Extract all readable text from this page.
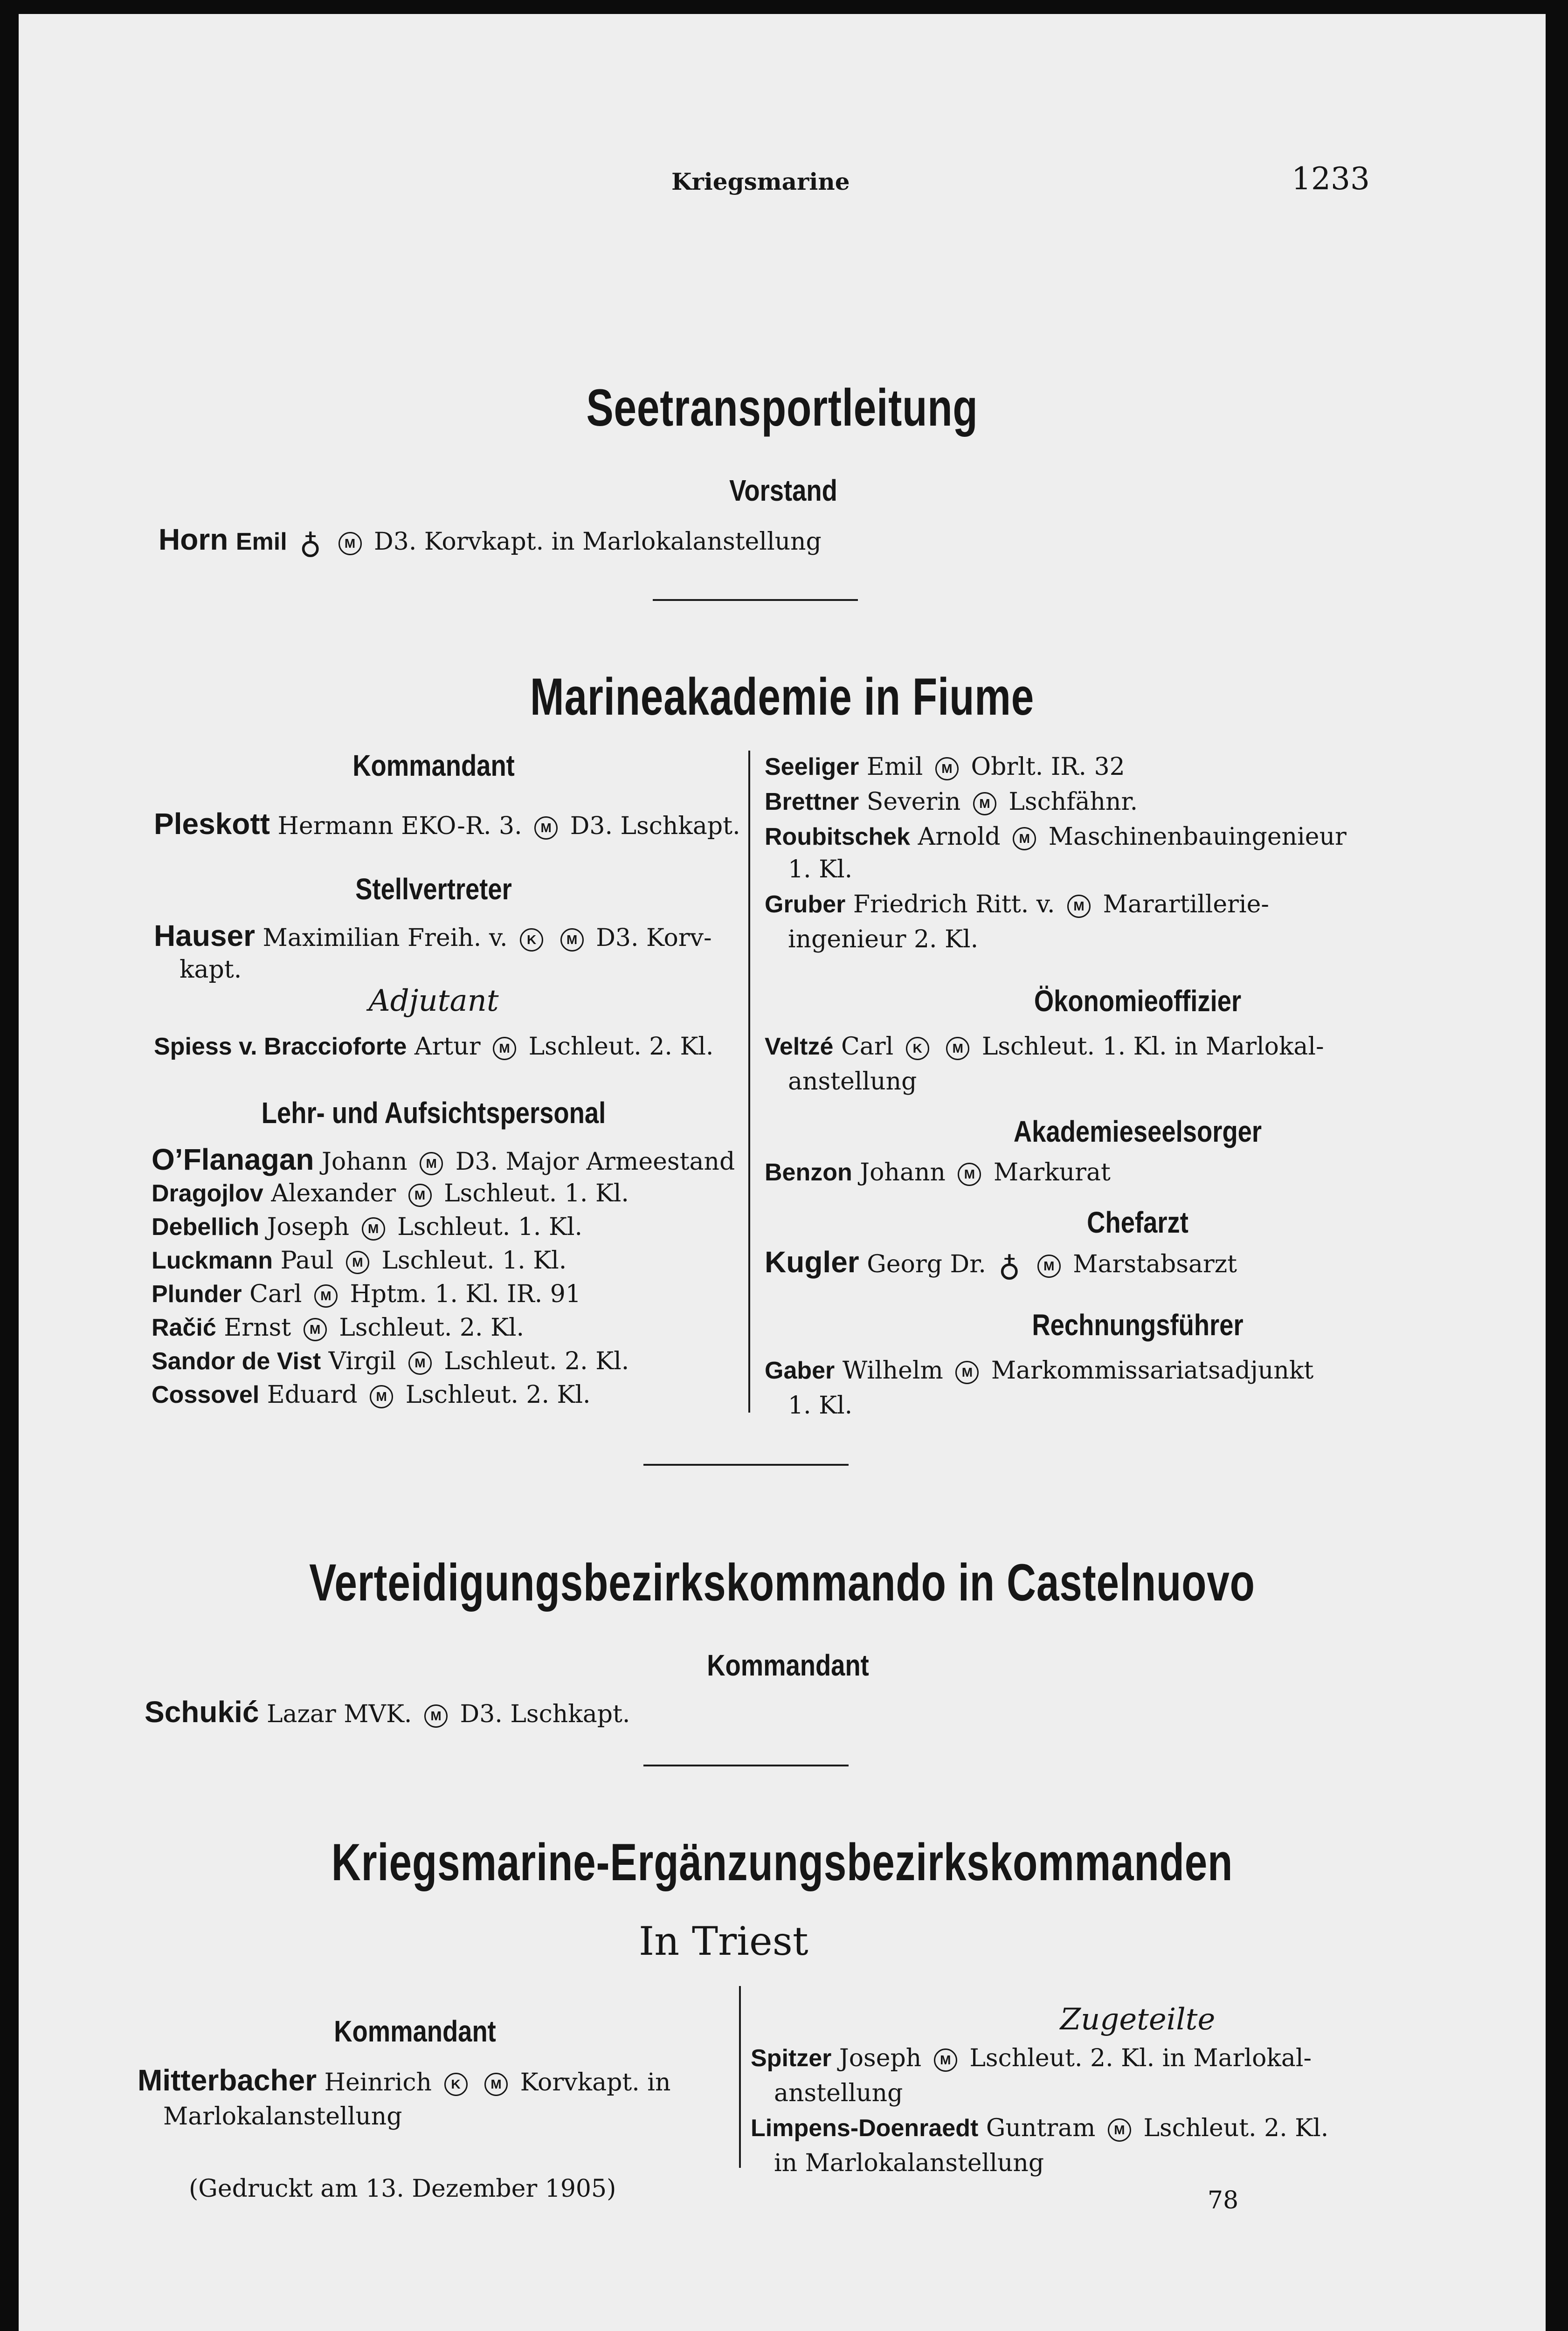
Kriegsmarine	1233
Seetransportleitung
Vorstand
Horn Emil ♁ M D3. Korvkapt. in Marlokalanstellung
Marineakademie in Fiume
Kommandant
Pleskott Hermann EKO-R. 3. M D3. Lschkapt.
Stellvertreter
Hauser Maximilian Freih. v. K M D3. Korv-
kapt.
Adjutant
Spiess v. Braccioforte Artur M Lschleut. 2. Kl.
Lehr- und Aufsichtspersonal
O’Flanagan Johann M D3. Major Armeestand
Dragojlov Alexander M Lschleut. 1. Kl.
Debellich Joseph M Lschleut. 1. Kl.
Luckmann Paul M Lschleut. 1. Kl.
Plunder Carl M Hptm. 1. Kl. IR. 91
Račić Ernst M Lschleut. 2. Kl.
Sandor de Vist Virgil M Lschleut. 2. Kl.
Cossovel Eduard M Lschleut. 2. Kl.
Seeliger Emil M Obrlt. IR. 32
Brettner Severin M Lschfähnr.
Roubitschek Arnold M Maschinenbauingenieur
1. Kl.
Gruber Friedrich Ritt. v. M Marartillerie-
ingenieur 2. Kl.
Ökonomieoffizier
Veltzé Carl K M Lschleut. 1. Kl. in Marlokal-
anstellung
Akademieseelsorger
Benzon Johann M Markurat
Chefarzt
Kugler Georg Dr. ♁ M Marstabsarzt
Rechnungsführer
Gaber Wilhelm M Markommissariatsadjunkt
1. Kl.
Verteidigungsbezirkskommando in Castelnuovo
Kommandant
Schukić Lazar MVK. M D3. Lschkapt.
Kriegsmarine-Ergänzungsbezirkskommanden
In Triest
Kommandant
Mitterbacher Heinrich K M Korvkapt. in
Marlokalanstellung
Zugeteilte
Spitzer Joseph M Lschleut. 2. Kl. in Marlokal-
anstellung
Limpens-Doenraedt Guntram M Lschleut. 2. Kl.
in Marlokalanstellung
(Gedruckt am 13. Dezember 1905)	78
